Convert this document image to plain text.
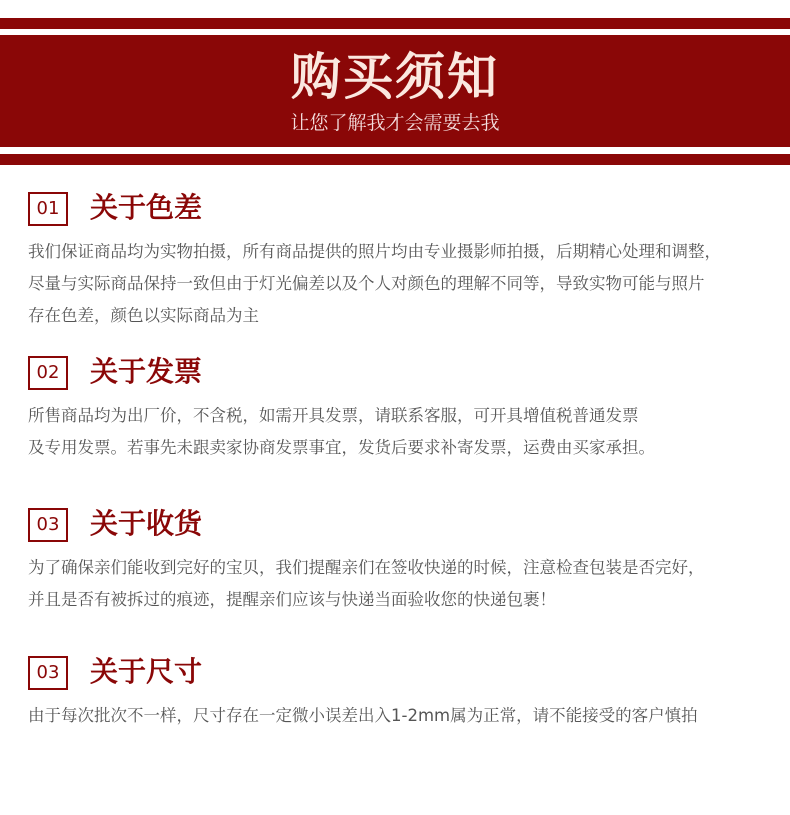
购买须知
让您了解我才会需要去我
01	关于色差
我们保证商品均为实物拍摄，所有商品提供的照片均由专业摄影师拍摄，后期精心处理和调整，
尽量与实际商品保持一致但由于灯光偏差以及个人对颜色的理解不同等，导致实物可能与照片
存在色差，颜色以实际商品为主
02	关于发票
所售商品均为出厂价，不含税，如需开具发票，请联系客服，可开具增值税普通发票
及专用发票。若事先未跟卖家协商发票事宜，发货后要求补寄发票，运费由买家承担。
03	关于收货
为了确保亲们能收到完好的宝贝，我们提醒亲们在签收快递的时候，注意检查包装是否完好，
并且是否有被拆过的痕迹，提醒亲们应该与快递当面验收您的快递包裹！
03	关于尺寸
由于每次批次不一样，尺寸存在一定微小误差出入1-2mm属为正常，请不能接受的客户慎拍
